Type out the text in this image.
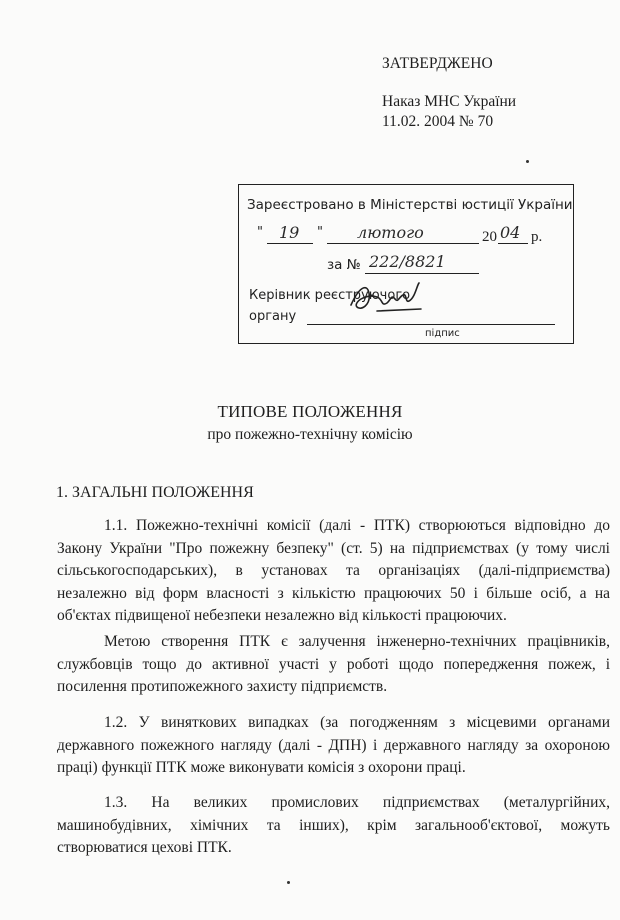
ЗАТВЕРДЖЕНО
Наказ МНС України
11.02. 2004 № 70
Зареєстровано в Міністерстві юстиції України
" 19 " лютого	20 04 р.
за № 222/8821
Керівник реєструючого
органу
підпис
ТИПОВЕ ПОЛОЖЕННЯ
про пожежно-технічну комісію
1. ЗАГАЛЬНІ ПОЛОЖЕННЯ

1.1. Пожежно-технічні комісії (далі - ПТК) створюються відповідно до Закону України "Про пожежну безпеку" (ст. 5) на підприємствах (у тому числі сільськогосподарських), в установах та організаціях (далі-підприємства) незалежно від форм власності з кількістю працюючих 50 і більше осіб, а на об'єктах підвищеної небезпеки незалежно від кількості працюючих.

Метою створення ПТК є залучення інженерно-технічних працівників, службовців тощо до активної участі у роботі щодо попередження пожеж, і посилення протипожежного захисту підприємств.

1.2. У виняткових випадках (за погодженням з місцевими органами державного пожежного нагляду (далі - ДПН) і державного нагляду за охороною праці) функції ПТК може виконувати комісія з охорони праці.

1.3. На великих промислових підприємствах (металургійних, машинобудівних, хімічних та інших), крім загальнооб'єктової, можуть створюватися цехові ПТК.
